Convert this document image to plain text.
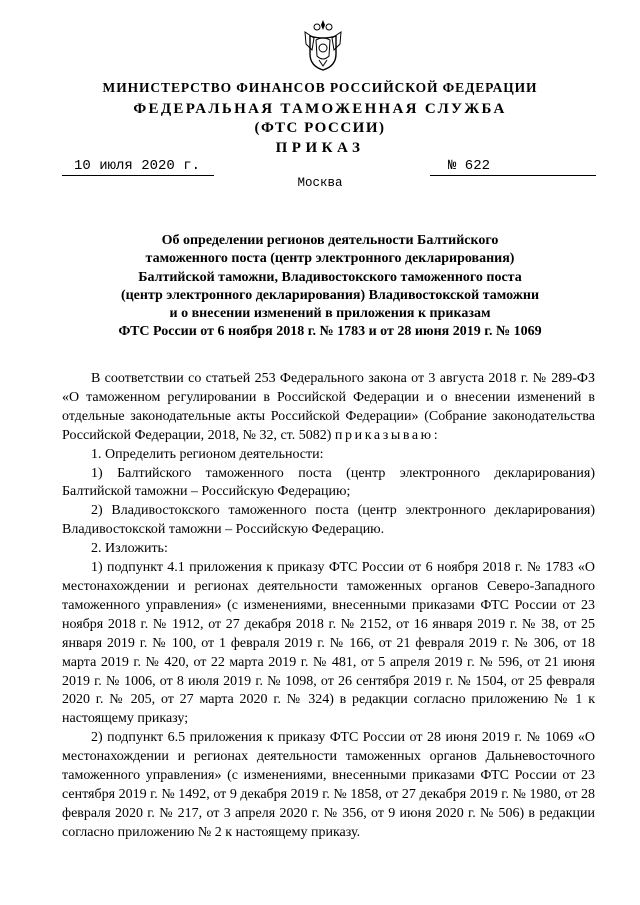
МИНИСТЕРСТВО ФИНАНСОВ РОССИЙСКОЙ ФЕДЕРАЦИИ
ФЕДЕРАЛЬНАЯ ТАМОЖЕННАЯ СЛУЖБА
(ФТС РОССИИ)
ПРИКАЗ
10 июля 2020 г.	№ 622
Москва
Об определении регионов деятельности Балтийского
таможенного поста (центр электронного декларирования)
Балтийской таможни, Владивостокского таможенного поста
(центр электронного декларирования) Владивостокской таможни
и о внесении изменений в приложения к приказам
ФТС России от 6 ноября 2018 г. № 1783 и от 28 июня 2019 г. № 1069

В соответствии со статьей 253 Федерального закона от 3 августа 2018 г. № 289-ФЗ «О таможенном регулировании в Российской Федерации и о внесении изменений в отдельные законодательные акты Российской Федерации» (Собрание законодательства Российской Федерации, 2018, № 32, ст. 5082) приказываю:

1. Определить регионом деятельности:

1) Балтийского таможенного поста (центр электронного декларирования) Балтийской таможни – Российскую Федерацию;

2) Владивостокского таможенного поста (центр электронного декларирования) Владивостокской таможни – Российскую Федерацию.

2. Изложить:

1) подпункт 4.1 приложения к приказу ФТС России от 6 ноября 2018 г. № 1783 «О местонахождении и регионах деятельности таможенных органов Северо-Западного таможенного управления» (с изменениями, внесенными приказами ФТС России от 23 ноября 2018 г. № 1912, от 27 декабря 2018 г. № 2152, от 16 января 2019 г. № 38, от 25 января 2019 г. № 100, от 1 февраля 2019 г. № 166, от 21 февраля 2019 г. № 306, от 18 марта 2019 г. № 420, от 22 марта 2019 г. № 481, от 5 апреля 2019 г. № 596, от 21 июня 2019 г. № 1006, от 8 июля 2019 г. № 1098, от 26 сентября 2019 г. № 1504, от 25 февраля 2020 г. № 205, от 27 марта 2020 г. № 324) в редакции согласно приложению № 1 к настоящему приказу;

2) подпункт 6.5 приложения к приказу ФТС России от 28 июня 2019 г. № 1069 «О местонахождении и регионах деятельности таможенных органов Дальневосточного таможенного управления» (с изменениями, внесенными приказами ФТС России от 23 сентября 2019 г. № 1492, от 9 декабря 2019 г. № 1858, от 27 декабря 2019 г. № 1980, от 28 февраля 2020 г. № 217, от 3 апреля 2020 г. № 356, от 9 июня 2020 г. № 506) в редакции согласно приложению № 2 к настоящему приказу.
